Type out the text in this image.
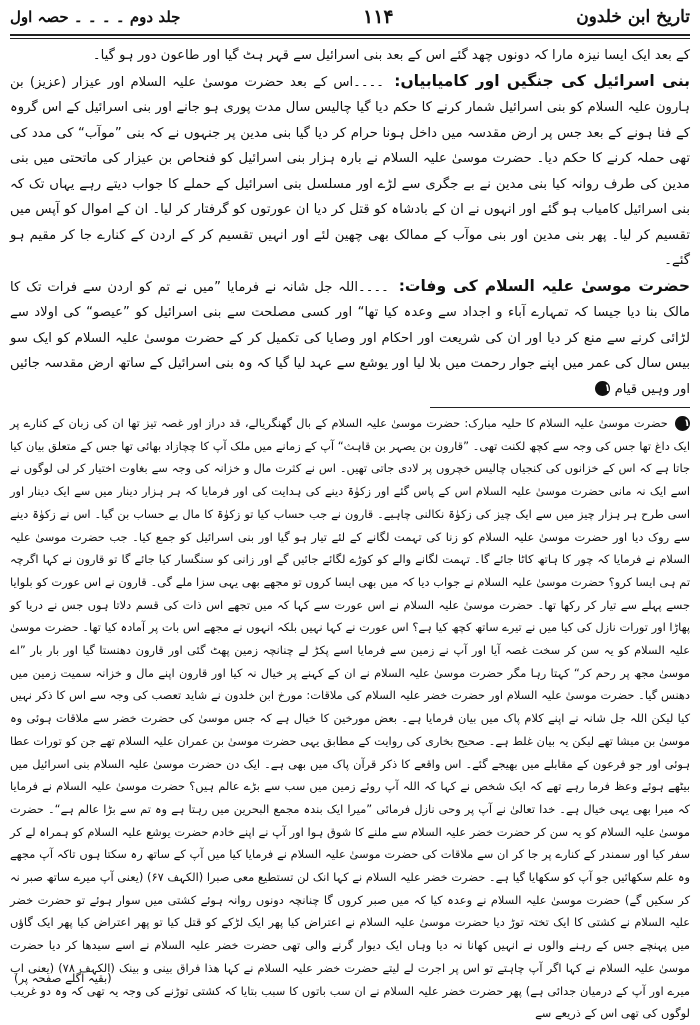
تاریخ ابن خلدون
۱۱۴
جلد دوم ۔ ۔ ۔ ۔ حصہ اول

کے بعد ایک ایسا نیزہ مارا کہ دونوں چھد گئے اس کے بعد بنی اسرائیل سے قہر ہٹ گیا اور طاعون دور ہو گیا۔

بنی اسرائیل کی جنگیں اور کامیابیاں: ۔۔۔۔اس کے بعد حضرت موسیٰ علیہ السلام اور عیزار (عزیز) بن ہارون علیہ السلام کو بنی اسرائیل شمار کرنے کا حکم دیا گیا چالیس سال مدت پوری ہو جانے اور بنی اسرائیل کے اس گروہ کے فنا ہونے کے بعد جس پر ارض مقدسہ میں داخل ہونا حرام کر دیا گیا بنی مدین پر جنہوں نے کہ بنی ”موآب“ کی مدد کی تھی حملہ کرنے کا حکم دیا۔ حضرت موسیٰ علیہ السلام نے بارہ ہزار بنی اسرائیل کو فنحاص بن عیزار کی ماتحتی میں بنی مدین کی طرف روانہ کیا بنی مدین نے بے جگری سے لڑے اور مسلسل بنی اسرائیل کے حملے کا جواب دیتے رہے یہاں تک کہ بنی اسرائیل کامیاب ہو گئے اور انہوں نے ان کے بادشاہ کو قتل کر دیا ان عورتوں کو گرفتار کر لیا۔ ان کے اموال کو آپس میں تقسیم کر لیا۔ پھر بنی مدین اور بنی موآب کے ممالک بھی چھین لئے اور انہیں تقسیم کر کے اردن کے کنارے جا کر مقیم ہو گئے۔

حضرت موسیٰ علیہ السلام کی وفات: ۔۔۔۔اللہ جل شانہ نے فرمایا ”میں نے تم کو اردن سے فرات تک کا مالک بنا دیا جیسا کہ تمہارے آباء و اجداد سے وعدہ کیا تھا“ اور کسی مصلحت سے بنی اسرائیل کو ”عیصو“ کی اولاد سے لڑائی کرنے سے منع کر دیا اور ان کی شریعت اور احکام اور وصایا کی تکمیل کر کے حضرت موسیٰ علیہ السلام کو ایک سو بیس سال کی عمر میں اپنے جوار رحمت میں بلا لیا اور یوشع سے عہد لیا گیا کہ وہ بنی اسرائیل کے ساتھ ارض مقدسہ جائیں اور وہیں قیام ۱

۱ حضرت موسیٰ علیہ السلام کا حلیہ مبارک: حضرت موسیٰ علیہ السلام کے بال گھنگریالے، قد دراز اور غصہ تیز تھا ان کی زبان کے کنارے پر ایک داغ تھا جس کی وجہ سے کچھ لکنت تھی۔ ”قارون بن یصہر بن قاہث“ آپ کے زمانے میں ملک آپ کا چچازاد بھائی تھا جس کے متعلق بیان کیا جاتا ہے کہ اس کے خزانوں کی کنجیاں چالیس خچروں پر لادی جاتی تھیں۔ اس نے کثرت مال و خزانہ کی وجہ سے بغاوت اختیار کر لی لوگوں نے اسے ایک نہ مانی حضرت موسیٰ علیہ السلام اس کے پاس گئے اور زکوٰۃ دینے کی ہدایت کی اور فرمایا کہ ہر ہزار دینار میں سے ایک دینار اور اسی طرح ہر ہزار چیز میں سے ایک چیز کی زکوٰۃ نکالنی چاہیے۔ قارون نے جب حساب کیا تو زکوٰۃ کا مال بے حساب بن گیا۔ اس نے زکوٰۃ دینے سے روک دیا اور حضرت موسیٰ علیہ السلام کو زنا کی تہمت لگانے کے لئے تیار ہو گیا اور بنی اسرائیل کو جمع کیا۔ جب حضرت موسیٰ علیہ السلام نے فرمایا کہ چور کا ہاتھ کاٹا جائے گا۔ تہمت لگانے والے کو کوڑے لگائے جائیں گے اور زانی کو سنگسار کیا جائے گا تو قارون نے کہا اگرچہ تم ہی ایسا کرو؟ حضرت موسیٰ علیہ السلام نے جواب دیا کہ میں بھی ایسا کروں تو مجھے بھی یہی سزا ملے گی۔ قارون نے اس عورت کو بلوایا جسے پہلے سے تیار کر رکھا تھا۔ حضرت موسیٰ علیہ السلام نے اس عورت سے کہا کہ میں تجھے اس ذات کی قسم دلاتا ہوں جس نے دریا کو پھاڑا اور تورات نازل کی کیا میں نے تیرے ساتھ کچھ کیا ہے؟ اس عورت نے کہا نہیں بلکہ انہوں نے مجھے اس بات پر آمادہ کیا تھا۔ حضرت موسیٰ علیہ السلام کو یہ سن کر سخت غصہ آیا اور آپ نے زمین سے فرمایا اسے پکڑ لے چنانچہ زمین پھٹ گئی اور قارون دھنستا گیا اور بار بار ”اے موسیٰ مجھ پر رحم کر“ کہتا رہا مگر حضرت موسیٰ علیہ السلام نے ان کے کہنے پر خیال نہ کیا اور قارون اپنے مال و خزانہ سمیت زمین میں دھنس گیا۔ حضرت موسیٰ علیہ السلام اور حضرت خضر علیہ السلام کی ملاقات: مورخ ابن خلدون نے شاید تعصب کی وجہ سے اس کا ذکر نہیں کیا لیکن اللہ جل شانہ نے اپنے کلام پاک میں بیان فرمایا ہے۔ بعض مورخین کا خیال ہے کہ جس موسیٰ کی حضرت خضر سے ملاقات ہوئی وہ موسیٰ بن میشا تھے لیکن یہ بیان غلط ہے۔ صحیح بخاری کی روایت کے مطابق یہی حضرت موسیٰ بن عمران علیہ السلام تھے جن کو تورات عطا ہوئی اور جو فرعون کے مقابلے میں بھیجے گئے۔ اس واقعے کا ذکر قرآن پاک میں بھی ہے۔ ایک دن حضرت موسیٰ علیہ السلام بنی اسرائیل میں بیٹھے ہوئے وعظ فرما رہے تھے کہ ایک شخص نے کہا کہ اللہ آپ روئے زمین میں سب سے بڑے عالم ہیں؟ حضرت موسیٰ علیہ السلام نے فرمایا کہ میرا بھی یہی خیال ہے۔ خدا تعالیٰ نے آپ پر وحی نازل فرمائی ”میرا ایک بندہ مجمع البحرین میں رہتا ہے وہ تم سے بڑا عالم ہے“۔ حضرت موسیٰ علیہ السلام کو یہ سن کر حضرت خضر علیہ السلام سے ملنے کا شوق ہوا اور آپ نے اپنے خادم حضرت یوشع علیہ السلام کو ہمراہ لے کر سفر کیا اور سمندر کے کنارے پر جا کر ان سے ملاقات کی حضرت موسیٰ علیہ السلام نے فرمایا کیا میں آپ کے ساتھ رہ سکتا ہوں تاکہ آپ مجھے وہ علم سکھائیں جو آپ کو سکھایا گیا ہے۔ حضرت خضر علیہ السلام نے کہا انک لن تستطیع معی صبرا (الکہف ۶۷) (یعنی آپ میرے ساتھ صبر نہ کر سکیں گے) حضرت موسیٰ علیہ السلام نے وعدہ کیا کہ میں صبر کروں گا چنانچہ دونوں روانہ ہوئے کشتی میں سوار ہوئے تو حضرت خضر علیہ السلام نے کشتی کا ایک تختہ توڑ دیا حضرت موسیٰ علیہ السلام نے اعتراض کیا پھر ایک لڑکے کو قتل کیا تو پھر اعتراض کیا پھر ایک گاؤں میں پہنچے جس کے رہنے والوں نے انہیں کھانا نہ دیا وہاں ایک دیوار گرنے والی تھی حضرت خضر علیہ السلام نے اسے سیدھا کر دیا حضرت موسیٰ علیہ السلام نے کہا اگر آپ چاہتے تو اس پر اجرت لے لیتے حضرت خضر علیہ السلام نے کہا ھذا فراق بینی و بینک (الکہف ۷۸) (یعنی اب میرے اور آپ کے درمیان جدائی ہے) پھر حضرت خضر علیہ السلام نے ان سب باتوں کا سبب بتایا کہ کشتی توڑنے کی وجہ یہ تھی کہ وہ دو غریب لوگوں کی تھی اس کے ذریعے سے

(بقیہ اگلے صفحہ پر)
